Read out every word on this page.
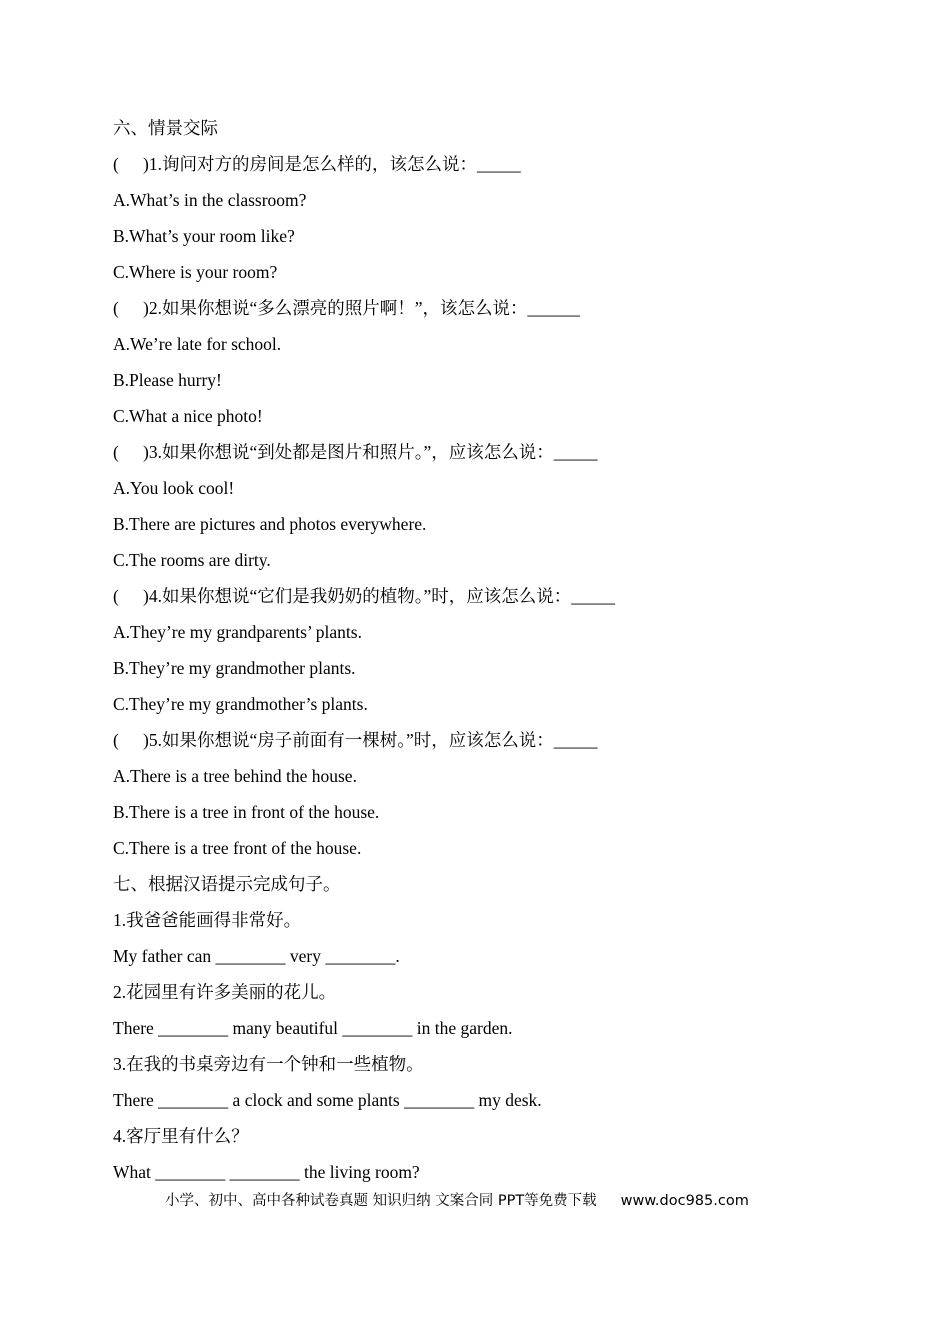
六、情景交际
( )1.询问对方的房间是怎么样的，该怎么说：_____
A.What’s in the classroom?
B.What’s your room like?
C.Where is your room?
( )2.如果你想说“多么漂亮的照片啊！”，该怎么说：______
A.We’re late for school.
B.Please hurry!
C.What a nice photo!
( )3.如果你想说“到处都是图片和照片。”，应该怎么说：_____
A.You look cool!
B.There are pictures and photos everywhere.
C.The rooms are dirty.
( )4.如果你想说“它们是我奶奶的植物。”时，应该怎么说：_____
A.They’re my grandparents’ plants.
B.They’re my grandmother plants.
C.They’re my grandmother’s plants.
( )5.如果你想说“房子前面有一棵树。”时，应该怎么说：_____
A.There is a tree behind the house.
B.There is a tree in front of the house.
C.There is a tree front of the house.
七、根据汉语提示完成句子。
1.我爸爸能画得非常好。
My father can ________ very ________.
2.花园里有许多美丽的花儿。
There ________ many beautiful ________ in the garden.
3.在我的书桌旁边有一个钟和一些植物。
There ________ a clock and some plants ________ my desk.
4.客厅里有什么？
What ________ ________ the living room?
小学、初中、高中各种试卷真题 知识归纳 文案合同 PPT等免费下载 www.doc985.com
